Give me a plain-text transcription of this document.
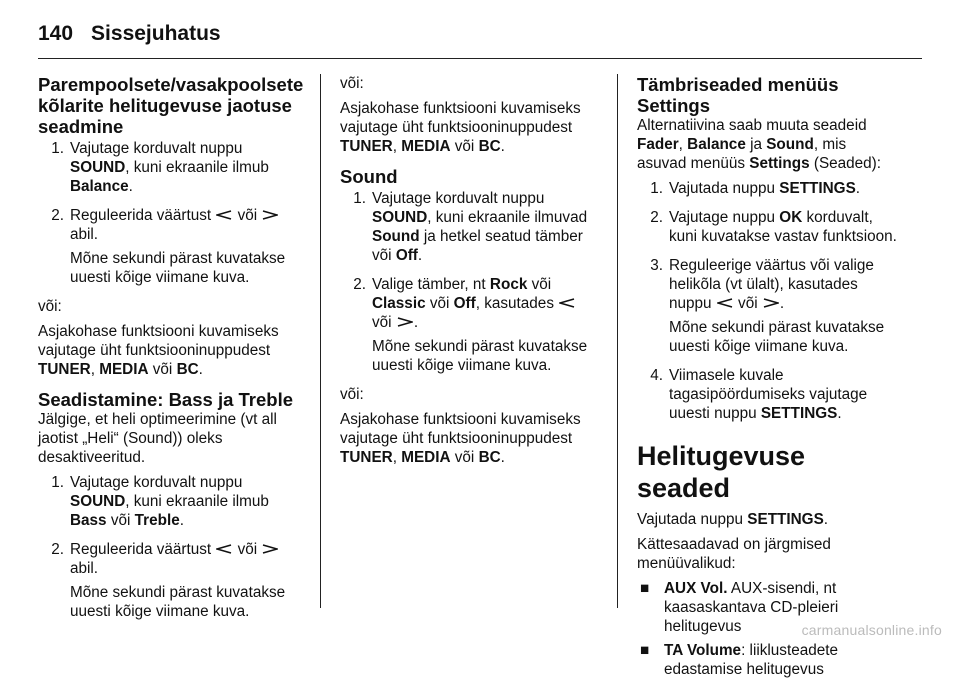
140 Sissejuhatus
Parempoolsete/vasakpoolsete kõlarite helitugevuse jaotuse seadmine
1. Vajutage korduvalt nuppu SOUND, kuni ekraanile ilmub Balance.

2. Reguleerida väärtust või  abil.

Mõne sekundi pärast kuvatakse uuesti kõige viimane kuva.

või:

Asjakohase funktsiooni kuvamiseks vajutage üht funktsiooninuppudest TUNER, MEDIA või BC.

Seadistamine: Bass ja Treble

Jälgige, et heli optimeerimine (vt all jaotist „Heli“ (Sound)) oleks desaktiveeritud.

1. Vajutage korduvalt nuppu SOUND, kuni ekraanile ilmub Bass või Treble.

2. Reguleerida väärtust või  abil.

Mõne sekundi pärast kuvatakse uuesti kõige viimane kuva.

või:

Asjakohase funktsiooni kuvamiseks vajutage üht funktsiooninuppudest TUNER, MEDIA või BC.

Sound
1. Vajutage korduvalt nuppu SOUND, kuni ekraanile ilmuvad Sound ja hetkel seatud tämber või Off.

2. Valige tämber, nt Rock või Classic või Off, kasutades  või .

Mõne sekundi pärast kuvatakse uuesti kõige viimane kuva.

või:

Asjakohase funktsiooni kuvamiseks vajutage üht funktsiooninuppudest TUNER, MEDIA või BC.

Tämbriseaded menüüs Settings

Alternatiivina saab muuta seadeid Fader, Balance ja Sound, mis asuvad menüüs Settings (Seaded):

1. Vajutada nuppu SETTINGS.

2. Vajutage nuppu OK korduvalt, kuni kuvatakse vastav funktsioon.

3. Reguleerige väärtus või valige helikõla (vt ülalt), kasutades nuppu või .

Mõne sekundi pärast kuvatakse uuesti kõige viimane kuva.

4. Viimasele kuvale tagasipöördumiseks vajutage uuesti nuppu SETTINGS.

Helitugevuse seaded

Vajutada nuppu SETTINGS.

Kättesaadavad on järgmised menüüvalikud:

■ AUX Vol. AUX-sisendi, nt kaasaskantava CD-pleieri helitugevus

■ TA Volume: liiklusteadete edastamise helitugevus

carmanualsonline.info
